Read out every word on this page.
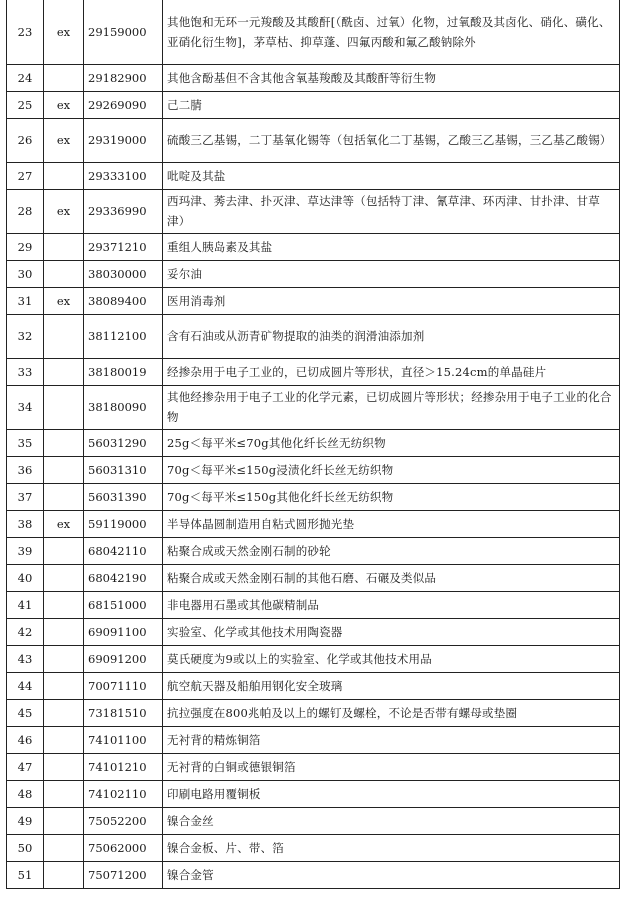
23	ex	29159000	其他饱和无环一元羧酸及其酸酐[（酰卤、过氧）化物，过氧酸及其卤化、硝化、磺化、亚硝化衍生物]，茅草枯、抑草蓬、四氟丙酸和氟乙酸钠除外
24		29182900	其他含酚基但不含其他含氧基羧酸及其酸酐等衍生物
25	ex	29269090	己二腈
26	ex	29319000	硫酸三乙基锡，二丁基氧化锡等（包括氧化二丁基锡，乙酸三乙基锡，三乙基乙酸锡）
27		29333100	吡啶及其盐
28	ex	29336990	西玛津、莠去津、扑灭津、草达津等（包括特丁津、氰草津、环丙津、甘扑津、甘草津）
29		29371210	重组人胰岛素及其盐
30		38030000	妥尔油
31	ex	38089400	医用消毒剂
32		38112100	含有石油或从沥青矿物提取的油类的润滑油添加剂
33		38180019	经掺杂用于电子工业的，已切成圆片等形状，直径＞15.24cm的单晶硅片
34		38180090	其他经掺杂用于电子工业的化学元素，已切成圆片等形状；经掺杂用于电子工业的化合物
35		56031290	25g＜每平米≤70g其他化纤长丝无纺织物
36		56031310	70g＜每平米≤150g浸渍化纤长丝无纺织物
37		56031390	70g＜每平米≤150g其他化纤长丝无纺织物
38	ex	59119000	半导体晶圆制造用自粘式圆形抛光垫
39		68042110	粘聚合成或天然金刚石制的砂轮
40		68042190	粘聚合成或天然金刚石制的其他石磨、石碾及类似品
41		68151000	非电器用石墨或其他碳精制品
42		69091100	实验室、化学或其他技术用陶瓷器
43		69091200	莫氏硬度为9或以上的实验室、化学或其他技术用品
44		70071110	航空航天器及船舶用钢化安全玻璃
45		73181510	抗拉强度在800兆帕及以上的螺钉及螺栓，不论是否带有螺母或垫圈
46		74101100	无衬背的精炼铜箔
47		74101210	无衬背的白铜或德银铜箔
48		74102110	印刷电路用覆铜板
49		75052200	镍合金丝
50		75062000	镍合金板、片、带、箔
51		75071200	镍合金管
